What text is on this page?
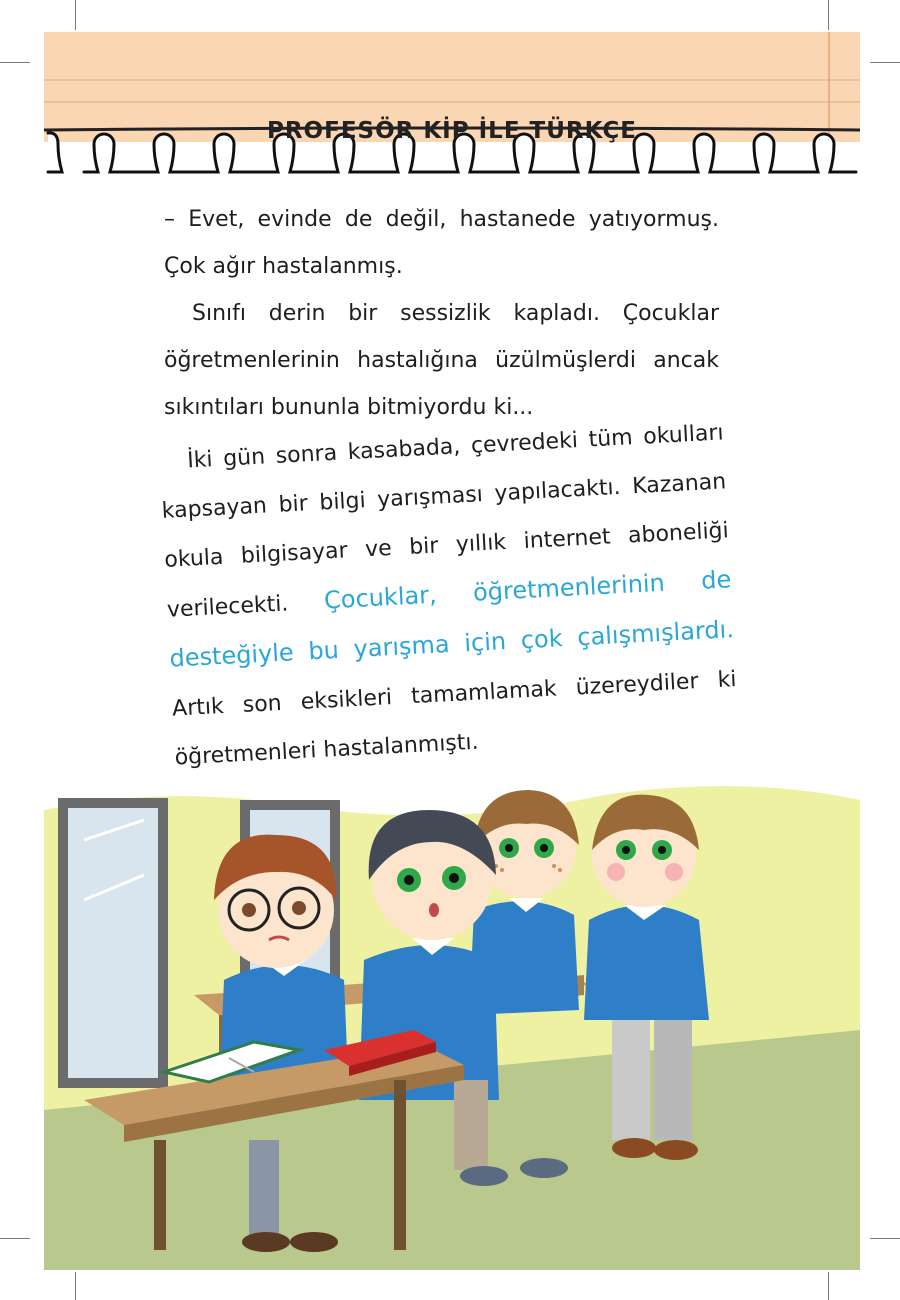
PROFESÖR KİP İLE TÜRKÇE

– Evet, evinde de değil, hastanede yatıyormuş. Çok ağır hastalanmış.

Sınıfı derin bir sessizlik kapladı. Çocuklar öğretmenlerinin hastalığına üzülmüşlerdi ancak sıkıntıları bununla bitmiyordu ki...

İki gün sonra kasabada, çevredeki tüm okulları kapsayan bir bilgi yarışması yapılacaktı. Kazanan okula bilgisayar ve bir yıllık internet aboneliği verilecekti. Çocuklar, öğretmenlerinin de desteğiyle bu yarışma için çok çalışmışlardı. Artık son eksikleri tamamlamak üzereydiler ki öğretmenleri hastalanmıştı.
